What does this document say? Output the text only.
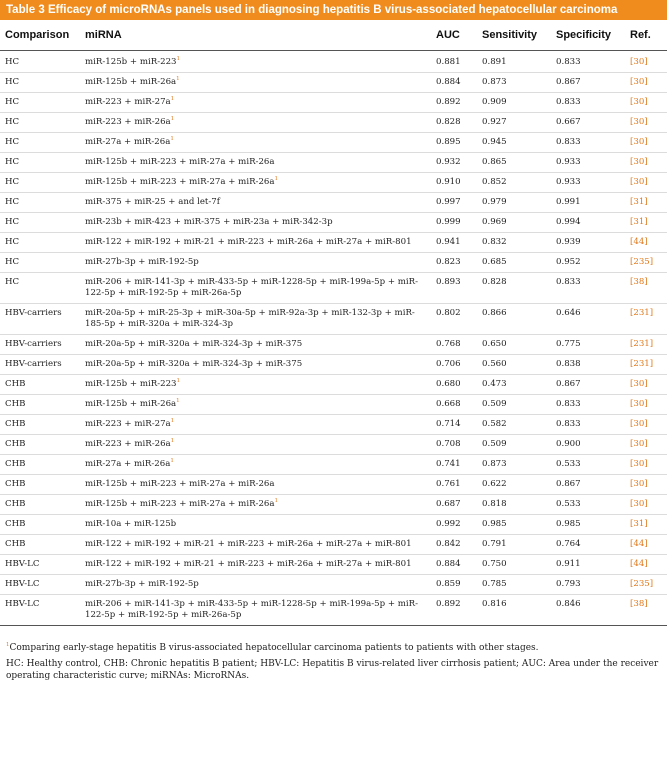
Table 3 Efficacy of microRNAs panels used in diagnosing hepatitis B virus-associated hepatocellular carcinoma
Comparison	miRNA	AUC	Sensitivity	Specificity	Ref.
HC	miR-125b + miR-$223^1$	0.881	0.891	0.833	[30]
HC	miR-125b + miR-$26a^1$	0.884	0.873	0.867	[30]
HC	miR-223 + miR-$27a^1$	0.892	0.909	0.833	[30]
HC	miR-223 + miR-$26a^1$	0.828	0.927	0.667	[30]
HC	miR-27a + miR-$26a^1$	0.895	0.945	0.833	[30]
HC	miR-125b + miR-223 + miR-27a + miR-26a	0.932	0.865	0.933	[30]
HC	miR-125b + miR-223 + miR-27a + miR-$26a^1$	0.910	0.852	0.933	[30]
HC	miR-375 + miR-25 + and let-7f	0.997	0.979	0.991	[31]
HC	miR-23b + miR-423 + miR-375 + miR-23a + miR-342-3p	0.999	0.969	0.994	[31]
HC	miR-122 + miR-192 + miR-21 + miR-223 + miR-26a + miR-27a + miR-801	0.941	0.832	0.939	[44]
HC	miR-27b-3p + miR-192-5p	0.823	0.685	0.952	[235]
HC	miR-206 + miR-141-3p + miR-433-5p + miR-1228-5p + miR-199a-5p + miR-122-5p + miR-192-5p + miR-26a-5p	0.893	0.828	0.833	[38]
HBV-carriers	miR-20a-5p + miR-25-3p + miR-30a-5p + miR-92a-3p + miR-132-3p + miR-185-5p + miR-320a + miR-324-3p	0.802	0.866	0.646	[231]
HBV-carriers	miR-20a-5p + miR-320a + miR-324-3p + miR-375	0.768	0.650	0.775	[231]
HBV-carriers	miR-20a-5p + miR-320a + miR-324-3p + miR-375	0.706	0.560	0.838	[231]
CHB	miR-125b + miR-$223^1$	0.680	0.473	0.867	[30]
CHB	miR-125b + miR-$26a^1$	0.668	0.509	0.833	[30]
CHB	miR-223 + miR-$27a^1$	0.714	0.582	0.833	[30]
CHB	miR-223 + miR-$26a^1$	0.708	0.509	0.900	[30]
CHB	miR-27a + miR-$26a^1$	0.741	0.873	0.533	[30]
CHB	miR-125b + miR-223 + miR-27a + miR-26a	0.761	0.622	0.867	[30]
CHB	miR-125b + miR-223 + miR-27a + miR-$26a^1$	0.687	0.818	0.533	[30]
CHB	miR-10a + miR-125b	0.992	0.985	0.985	[31]
CHB	miR-122 + miR-192 + miR-21 + miR-223 + miR-26a + miR-27a + miR-801	0.842	0.791	0.764	[44]
HBV-LC	miR-122 + miR-192 + miR-21 + miR-223 + miR-26a + miR-27a + miR-801	0.884	0.750	0.911	[44]
HBV-LC	miR-27b-3p + miR-192-5p	0.859	0.785	0.793	[235]
HBV-LC	miR-206 + miR-141-3p + miR-433-5p + miR-1228-5p + miR-199a-5p + miR-122-5p + miR-192-5p + miR-26a-5p	0.892	0.816	0.846	[38]

$^1$Comparing early-stage hepatitis B virus-associated hepatocellular carcinoma patients to patients with other stages.

HC: Healthy control, CHB: Chronic hepatitis B patient; HBV-LC: Hepatitis B virus-related liver cirrhosis patient; AUC: Area under the receiver operating characteristic curve; miRNAs: MicroRNAs.
